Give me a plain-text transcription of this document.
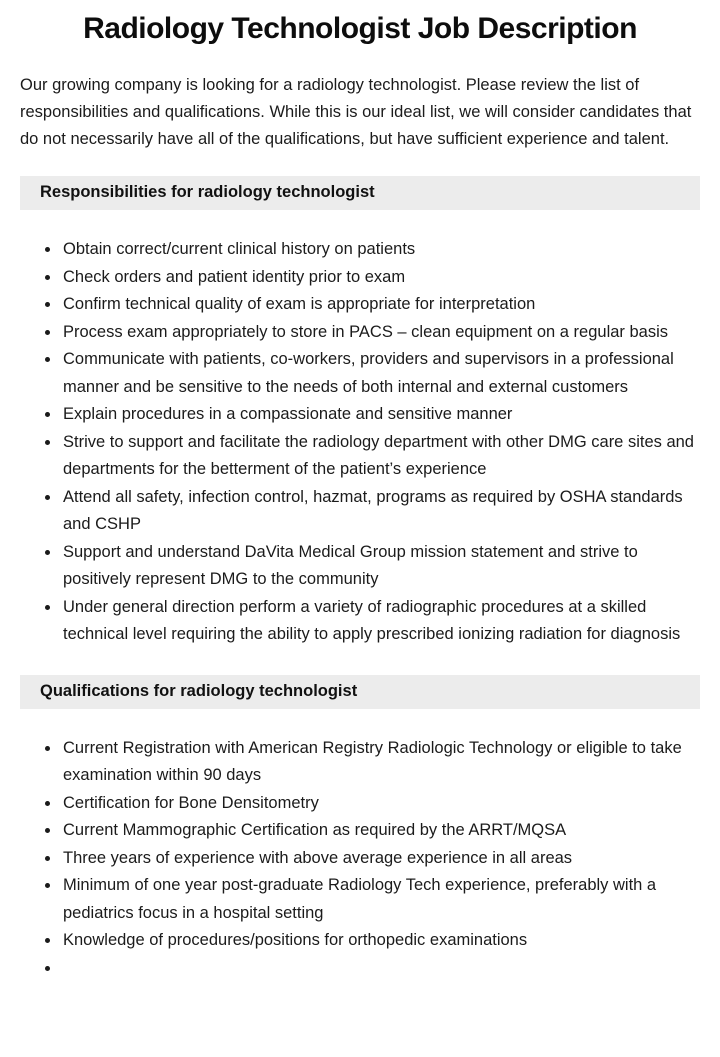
Radiology Technologist Job Description

Our growing company is looking for a radiology technologist. Please review the list of responsibilities and qualifications. While this is our ideal list, we will consider candidates that do not necessarily have all of the qualifications, but have sufficient experience and talent.

Responsibilities for radiology technologist
• Obtain correct/current clinical history on patients
• Check orders and patient identity prior to exam
• Confirm technical quality of exam is appropriate for interpretation
• Process exam appropriately to store in PACS – clean equipment on a regular basis
• Communicate with patients, co-workers, providers and supervisors in a professional manner and be sensitive to the needs of both internal and external customers
• Explain procedures in a compassionate and sensitive manner
• Strive to support and facilitate the radiology department with other DMG care sites and departments for the betterment of the patient’s experience
• Attend all safety, infection control, hazmat, programs as required by OSHA standards and CSHP
• Support and understand DaVita Medical Group mission statement and strive to positively represent DMG to the community
• Under general direction perform a variety of radiographic procedures at a skilled technical level requiring the ability to apply prescribed ionizing radiation for diagnosis
Qualifications for radiology technologist
• Current Registration with American Registry Radiologic Technology or eligible to take examination within 90 days
• Certification for Bone Densitometry
• Current Mammographic Certification as required by the ARRT/MQSA
• Three years of experience with above average experience in all areas
• Minimum of one year post-graduate Radiology Tech experience, preferably with a pediatrics focus in a hospital setting
• Knowledge of procedures/positions for orthopedic examinations
•
